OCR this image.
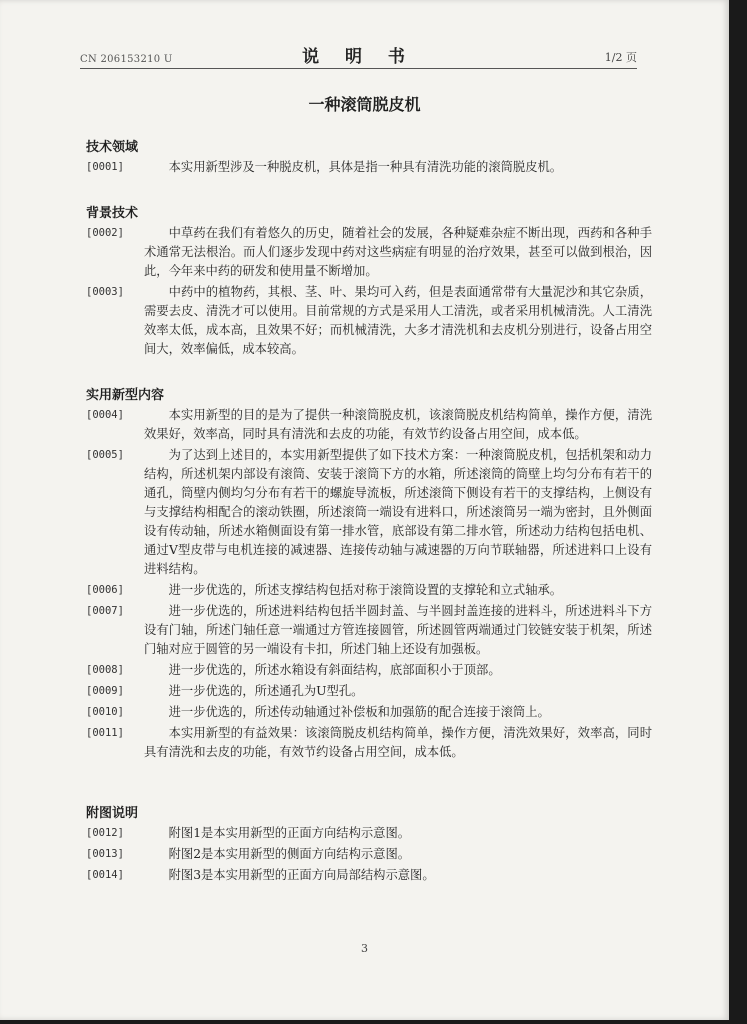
CN 206153210 U	说 明 书	1/2 页
一种滚筒脱皮机
技术领域
[0001]	本实用新型涉及一种脱皮机，具体是指一种具有清洗功能的滚筒脱皮机。
背景技术
[0002]	中草药在我们有着悠久的历史，随着社会的发展，各种疑难杂症不断出现，西药和各种手术通常无法根治。而人们逐步发现中药对这些病症有明显的治疗效果，甚至可以做到根治，因此，今年来中药的研发和使用量不断增加。
[0003]	中药中的植物药，其根、茎、叶、果均可入药，但是表面通常带有大量泥沙和其它杂质，需要去皮、清洗才可以使用。目前常规的方式是采用人工清洗，或者采用机械清洗。人工清洗效率太低，成本高，且效果不好；而机械清洗，大多才清洗机和去皮机分别进行，设备占用空间大，效率偏低，成本较高。
实用新型内容
[0004]	本实用新型的目的是为了提供一种滚筒脱皮机，该滚筒脱皮机结构简单，操作方便，清洗效果好，效率高，同时具有清洗和去皮的功能，有效节约设备占用空间，成本低。
[0005]	为了达到上述目的，本实用新型提供了如下技术方案：一种滚筒脱皮机，包括机架和动力结构，所述机架内部设有滚筒、安装于滚筒下方的水箱，所述滚筒的筒壁上均匀分布有若干的通孔，筒壁内侧均匀分布有若干的螺旋导流板，所述滚筒下侧设有若干的支撑结构，上侧设有与支撑结构相配合的滚动铁圈，所述滚筒一端设有进料口，所述滚筒另一端为密封，且外侧面设有传动轴，所述水箱侧面设有第一排水管，底部设有第二排水管，所述动力结构包括电机、通过V型皮带与电机连接的减速器、连接传动轴与减速器的万向节联轴器，所述进料口上设有进料结构。
[0006]	进一步优选的，所述支撑结构包括对称于滚筒设置的支撑轮和立式轴承。
[0007]	进一步优选的，所述进料结构包括半圆封盖、与半圆封盖连接的进料斗，所述进料斗下方设有门轴，所述门轴任意一端通过方管连接圆管，所述圆管两端通过门铰链安装于机架，所述门轴对应于圆管的另一端设有卡扣，所述门轴上还设有加强板。
[0008]	进一步优选的，所述水箱设有斜面结构，底部面积小于顶部。
[0009]	进一步优选的，所述通孔为U型孔。
[0010]	进一步优选的，所述传动轴通过补偿板和加强筋的配合连接于滚筒上。
[0011]	本实用新型的有益效果：该滚筒脱皮机结构简单，操作方便，清洗效果好，效率高，同时具有清洗和去皮的功能，有效节约设备占用空间，成本低。
附图说明
[0012]	附图1是本实用新型的正面方向结构示意图。
[0013]	附图2是本实用新型的侧面方向结构示意图。
[0014]	附图3是本实用新型的正面方向局部结构示意图。
3
